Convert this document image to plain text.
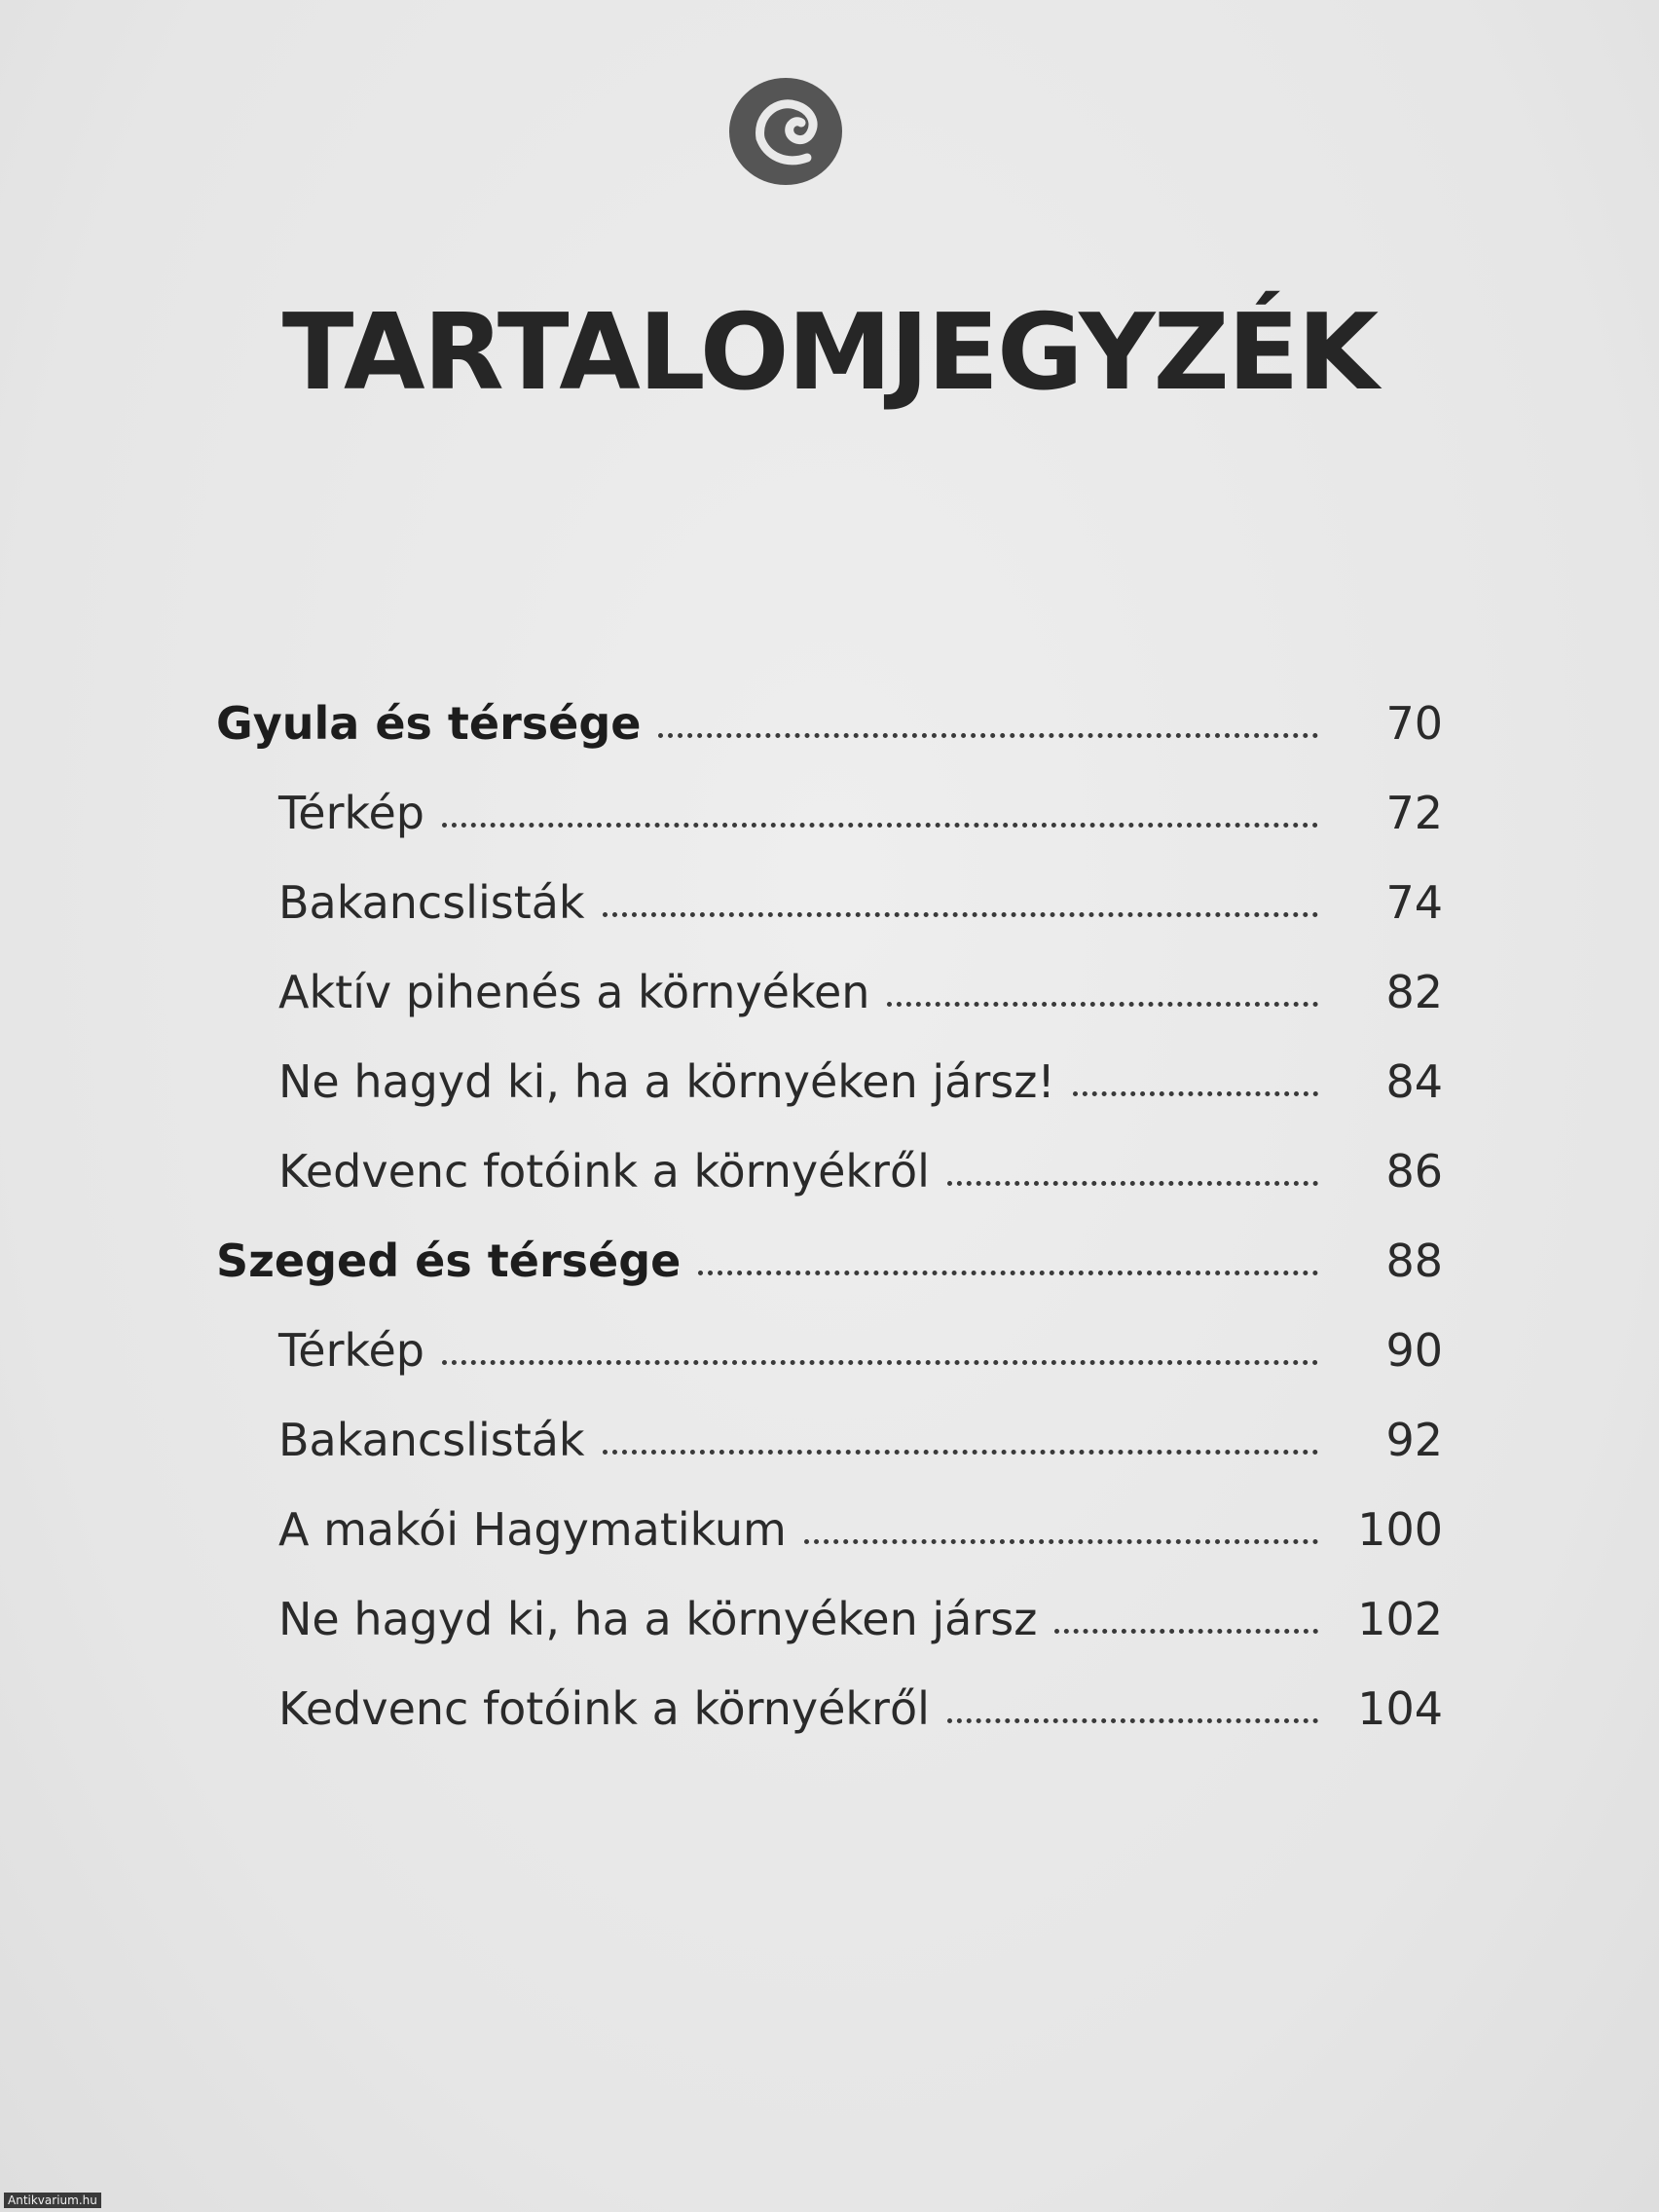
TARTALOMJEGYZÉK
Gyula és térsége	70
Térkép	72
Bakancslisták	74
Aktív pihenés a környéken	82
Ne hagyd ki, ha a környéken jársz!	84
Kedvenc fotóink a környékről	86
Szeged és térsége	88
Térkép	90
Bakancslisták	92
A makói Hagymatikum	100
Ne hagyd ki, ha a környéken jársz	102
Kedvenc fotóink a környékről	104
Antikvarium.hu
